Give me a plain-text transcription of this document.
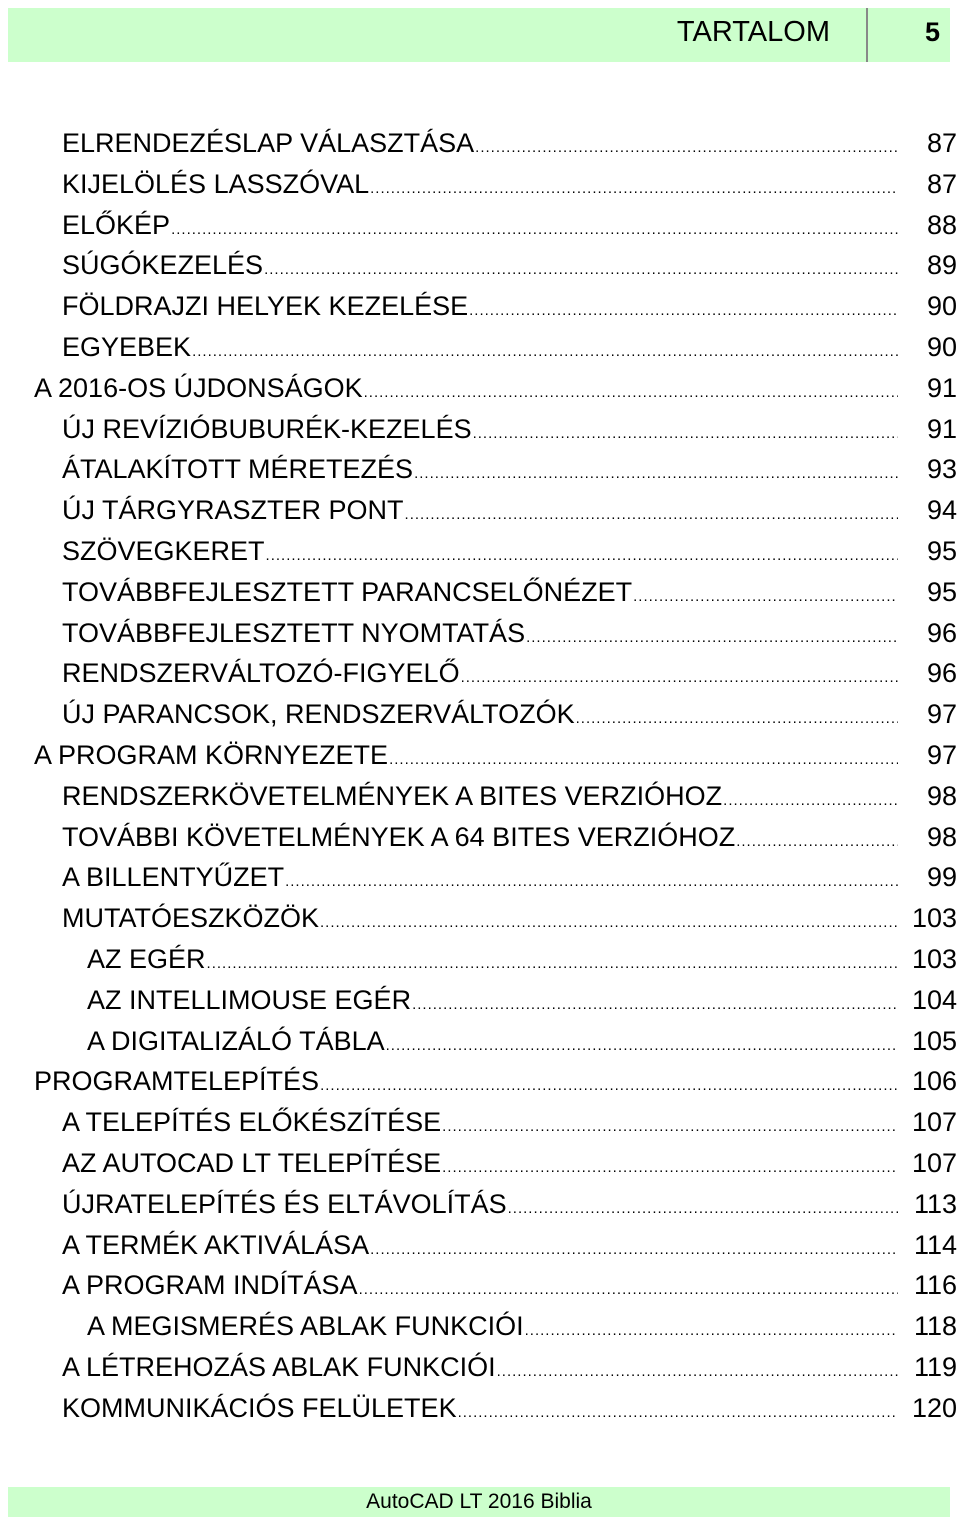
TARTALOM	5
ELRENDEZÉSLAP VÁLASZTÁSA .....	87
KIJELÖLÉS LASSZÓVAL .....	87
ELŐKÉP .....	88
SÚGÓKEZELÉS .....	89
FÖLDRAJZI HELYEK KEZELÉSE .....	90
EGYEBEK .....	90
A 2016-OS ÚJDONSÁGOK .....	91
ÚJ REVÍZIÓBUBURÉK-KEZELÉS .....	91
ÁTALAKÍTOTT MÉRETEZÉS .....	93
ÚJ TÁRGYRASZTER PONT .....	94
SZÖVEGKERET .....	95
TOVÁBBFEJLESZTETT PARANCSELŐNÉZET .....	95
TOVÁBBFEJLESZTETT NYOMTATÁS .....	96
RENDSZERVÁLTOZÓ-FIGYELŐ .....	96
ÚJ PARANCSOK, RENDSZERVÁLTOZÓK .....	97
A PROGRAM KÖRNYEZETE .....	97
RENDSZERKÖVETELMÉNYEK A BITES VERZIÓHOZ .....	98
TOVÁBBI KÖVETELMÉNYEK A 64 BITES VERZIÓHOZ .....	98
A BILLENTYŰZET .....	99
MUTATÓESZKÖZÖK .....	103
AZ EGÉR .....	103
AZ INTELLIMOUSE EGÉR .....	104
A DIGITALIZÁLÓ TÁBLA .....	105
PROGRAMTELEPÍTÉS .....	106
A TELEPÍTÉS ELŐKÉSZÍTÉSE .....	107
AZ AUTOCAD LT TELEPÍTÉSE .....	107
ÚJRATELEPÍTÉS ÉS ELTÁVOLÍTÁS .....	113
A TERMÉK AKTIVÁLÁSA .....	114
A PROGRAM INDÍTÁSA .....	116
A MEGISMERÉS ABLAK FUNKCIÓI .....	118
A LÉTREHOZÁS ABLAK FUNKCIÓI .....	119
KOMMUNIKÁCIÓS FELÜLETEK .....	120
AutoCAD LT 2016 Biblia
